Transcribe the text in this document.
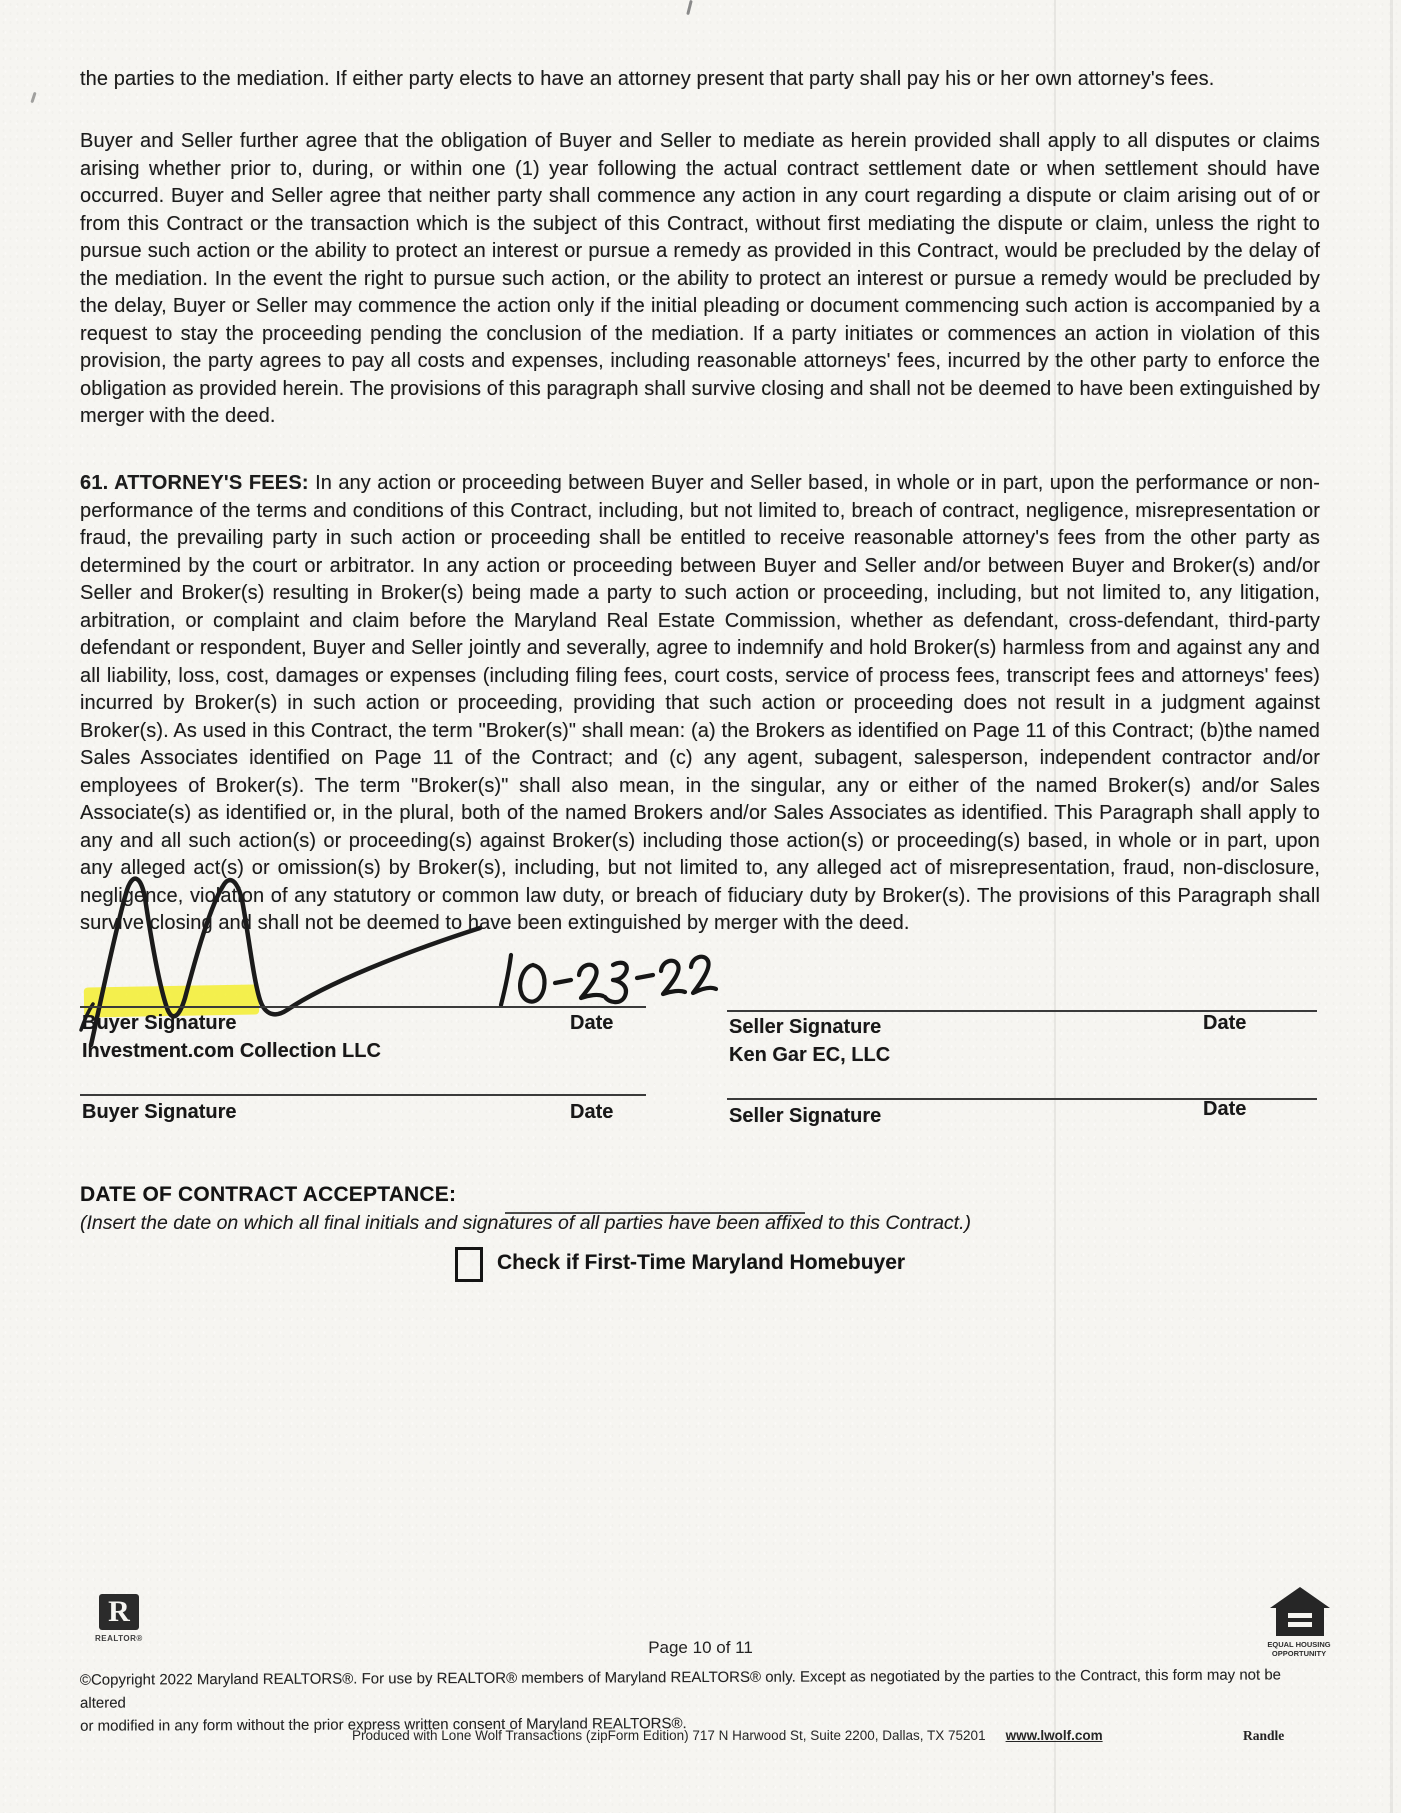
the parties to the mediation. If either party elects to have an attorney present that party shall pay his or her own attorney's fees.

Buyer and Seller further agree that the obligation of Buyer and Seller to mediate as herein provided shall apply to all disputes or claims arising whether prior to, during, or within one (1) year following the actual contract settlement date or when settlement should have occurred. Buyer and Seller agree that neither party shall commence any action in any court regarding a dispute or claim arising out of or from this Contract or the transaction which is the subject of this Contract, without first mediating the dispute or claim, unless the right to pursue such action or the ability to protect an interest or pursue a remedy as provided in this Contract, would be precluded by the delay of the mediation. In the event the right to pursue such action, or the ability to protect an interest or pursue a remedy would be precluded by the delay, Buyer or Seller may commence the action only if the initial pleading or document commencing such action is accompanied by a request to stay the proceeding pending the conclusion of the mediation. If a party initiates or commences an action in violation of this provision, the party agrees to pay all costs and expenses, including reasonable attorneys' fees, incurred by the other party to enforce the obligation as provided herein. The provisions of this paragraph shall survive closing and shall not be deemed to have been extinguished by merger with the deed.

61. ATTORNEY'S FEES: In any action or proceeding between Buyer and Seller based, in whole or in part, upon the performance or non-performance of the terms and conditions of this Contract, including, but not limited to, breach of contract, negligence, misrepresentation or fraud, the prevailing party in such action or proceeding shall be entitled to receive reasonable attorney's fees from the other party as determined by the court or arbitrator. In any action or proceeding between Buyer and Seller and/or between Buyer and Broker(s) and/or Seller and Broker(s) resulting in Broker(s) being made a party to such action or proceeding, including, but not limited to, any litigation, arbitration, or complaint and claim before the Maryland Real Estate Commission, whether as defendant, cross-defendant, third-party defendant or respondent, Buyer and Seller jointly and severally, agree to indemnify and hold Broker(s) harmless from and against any and all liability, loss, cost, damages or expenses (including filing fees, court costs, service of process fees, transcript fees and attorneys' fees) incurred by Broker(s) in such action or proceeding, providing that such action or proceeding does not result in a judgment against Broker(s). As used in this Contract, the term "Broker(s)" shall mean: (a) the Brokers as identified on Page 11 of this Contract; (b)the named Sales Associates identified on Page 11 of the Contract; and (c) any agent, subagent, salesperson, independent contractor and/or employees of Broker(s). The term "Broker(s)" shall also mean, in the singular, any or either of the named Broker(s) and/or Sales Associate(s) as identified or, in the plural, both of the named Brokers and/or Sales Associates as identified. This Paragraph shall apply to any and all such action(s) or proceeding(s) against Broker(s) including those action(s) or proceeding(s) based, in whole or in part, upon any alleged act(s) or omission(s) by Broker(s), including, but not limited to, any alleged act of misrepresentation, fraud, non-disclosure, negligence, violation of any statutory or common law duty, or breach of fiduciary duty by Broker(s). The provisions of this Paragraph shall survive closing and shall not be deemed to have been extinguished by merger with the deed.

Buyer Signature	Date
Investment.com Collection LLC
Seller Signature	Date
Ken Gar EC, LLC
Buyer Signature	Date	Seller Signature	Date
DATE OF CONTRACT ACCEPTANCE:
(Insert the date on which all final initials and signatures of all parties have been affixed to this Contract.)
Check if First-Time Maryland Homebuyer
R
REALTOR®	Page 10 of 11	EQUAL HOUSING
OPPORTUNITY
©Copyright 2022 Maryland REALTORS®. For use by REALTOR® members of Maryland REALTORS® only. Except as negotiated by the parties to the Contract, this form may not be altered
or modified in any form without the prior express written consent of Maryland REALTORS®.
Produced with Lone Wolf Transactions (zipForm Edition) 717 N Harwood St, Suite 2200, Dallas, TX 75201 www.lwolf.com	Randle
